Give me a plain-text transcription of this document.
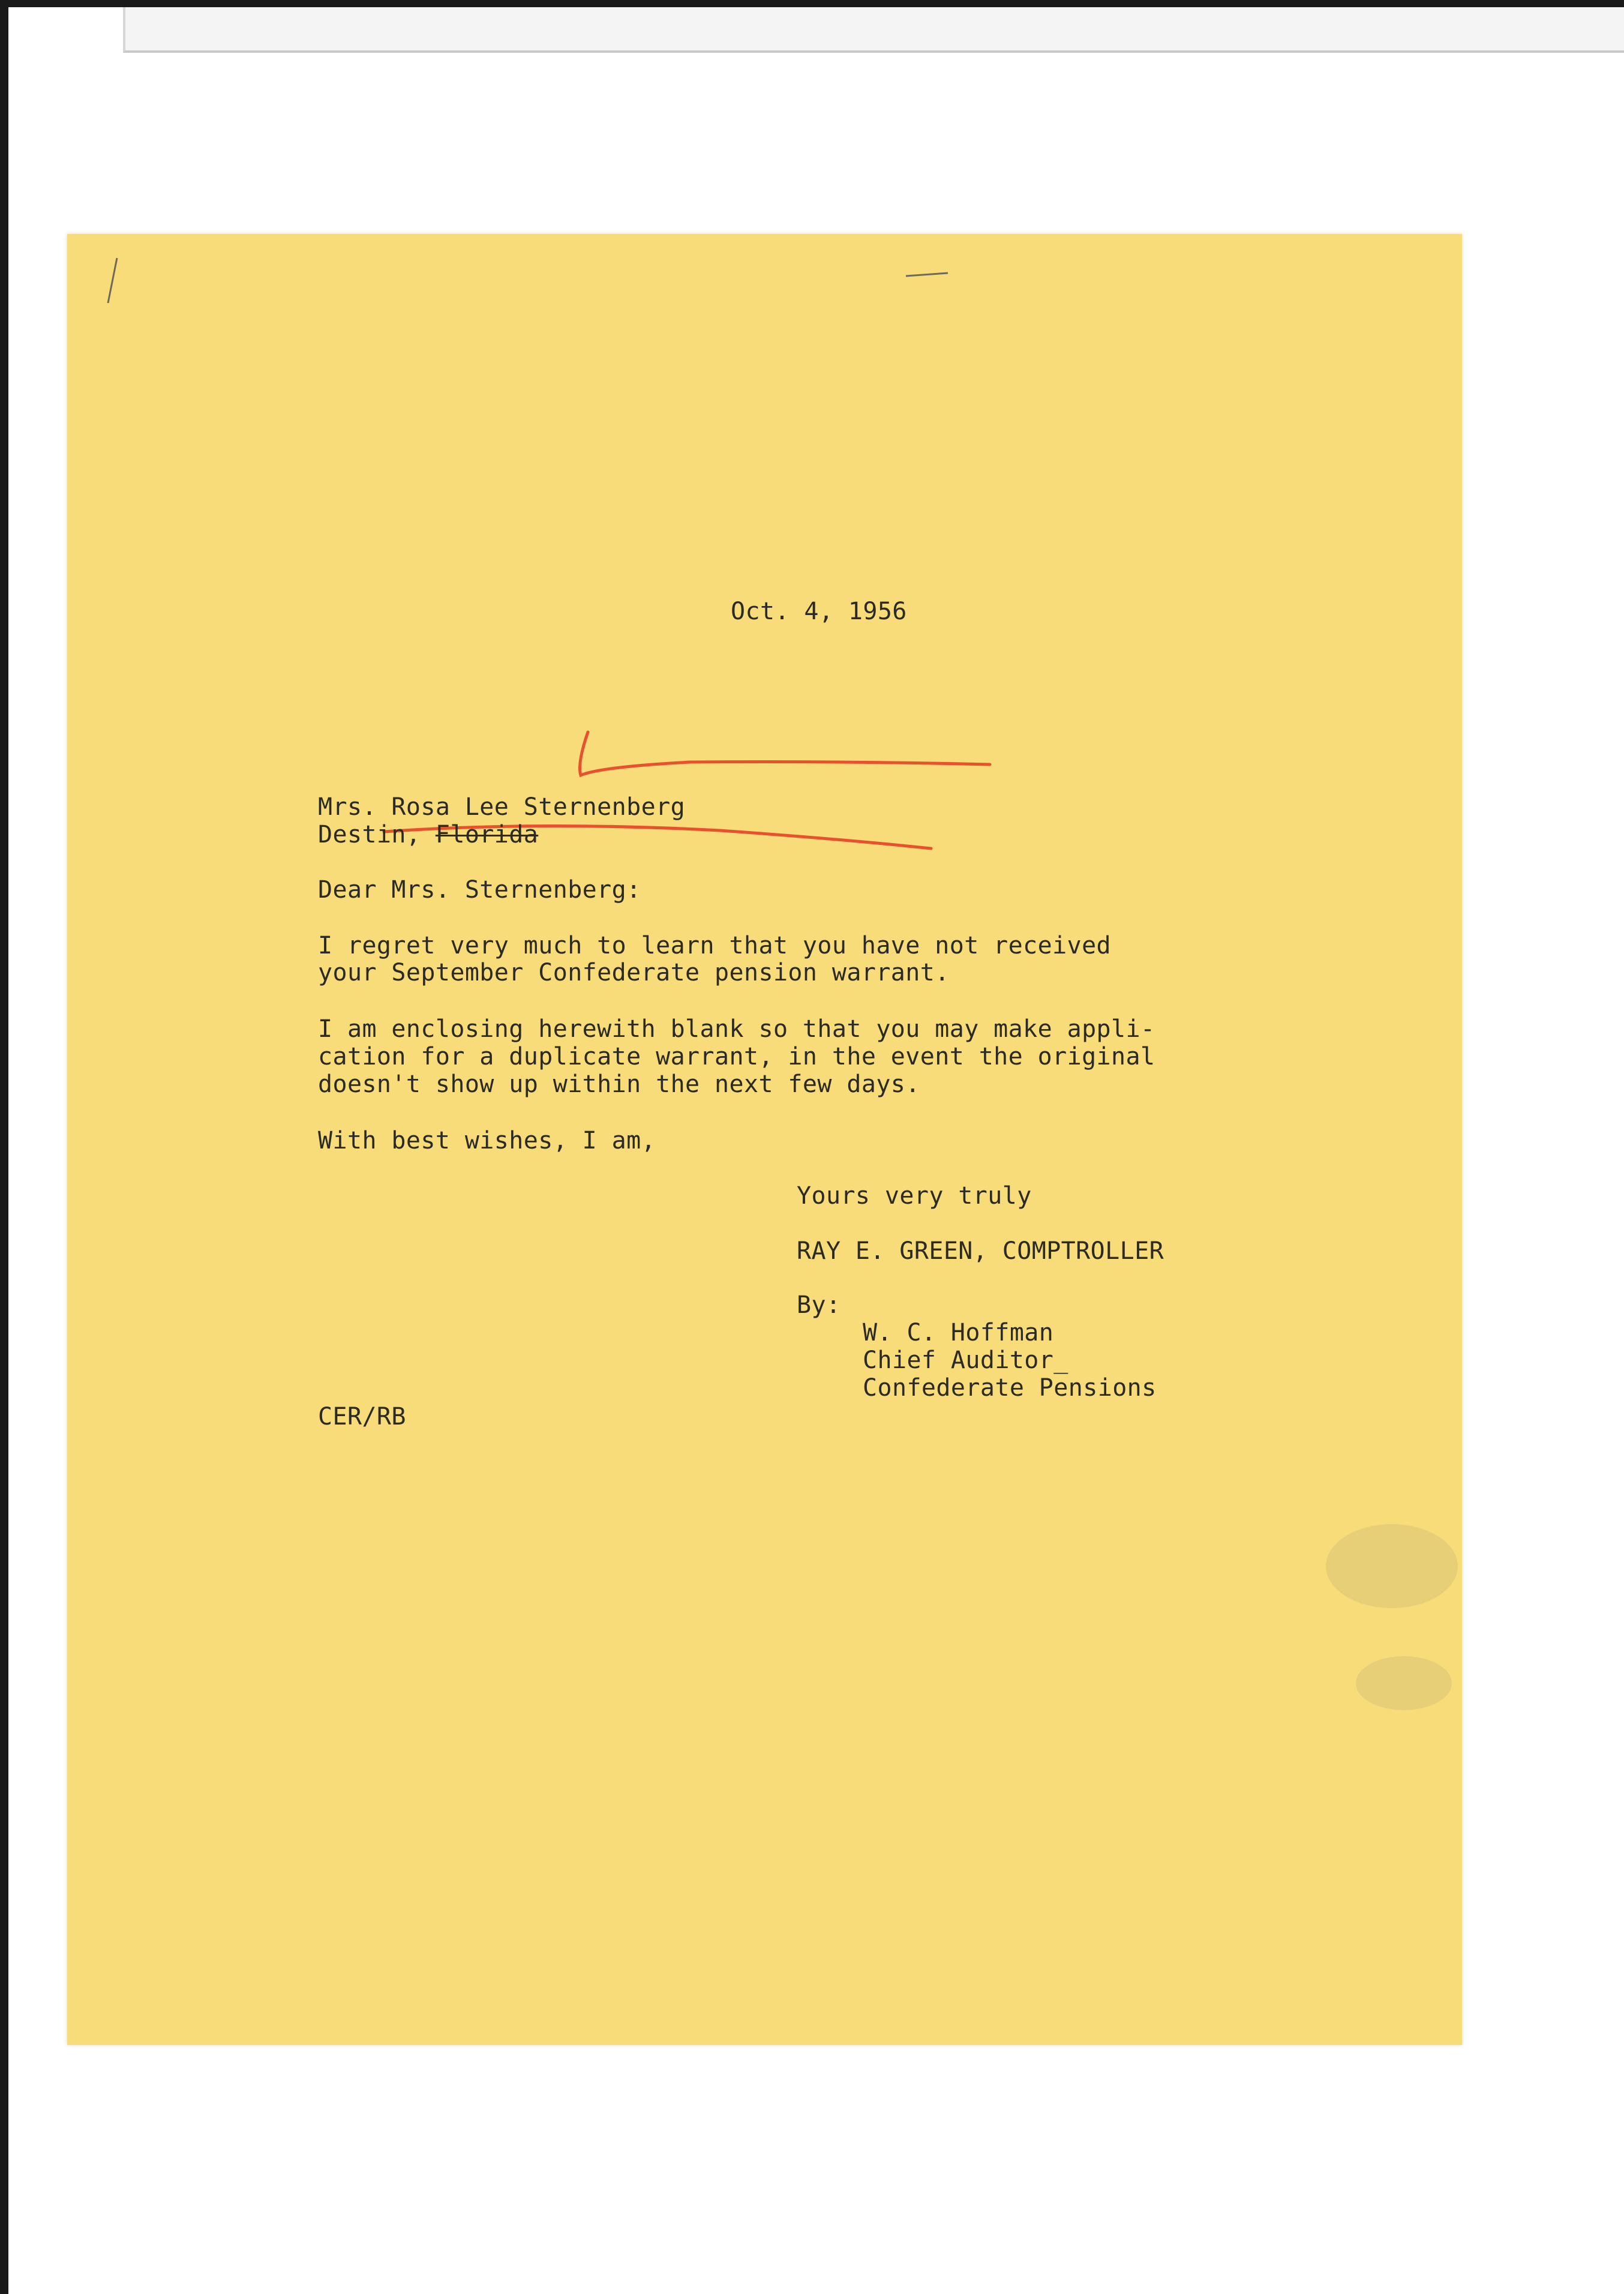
Oct. 4, 1956

Mrs. Rosa Lee Sternenberg

Destin, Florida

Dear Mrs. Sternenberg:

I regret very much to learn that you have not received

your September Confederate pension warrant.

I am enclosing herewith blank so that you may make appli-

cation for a duplicate warrant, in the event the original

doesn't show up within the next few days.

With best wishes, I am,

Yours very truly

RAY E. GREEN, COMPTROLLER

By:

W. C. Hoffman

Chief Auditor_

Confederate Pensions

CER/RB
